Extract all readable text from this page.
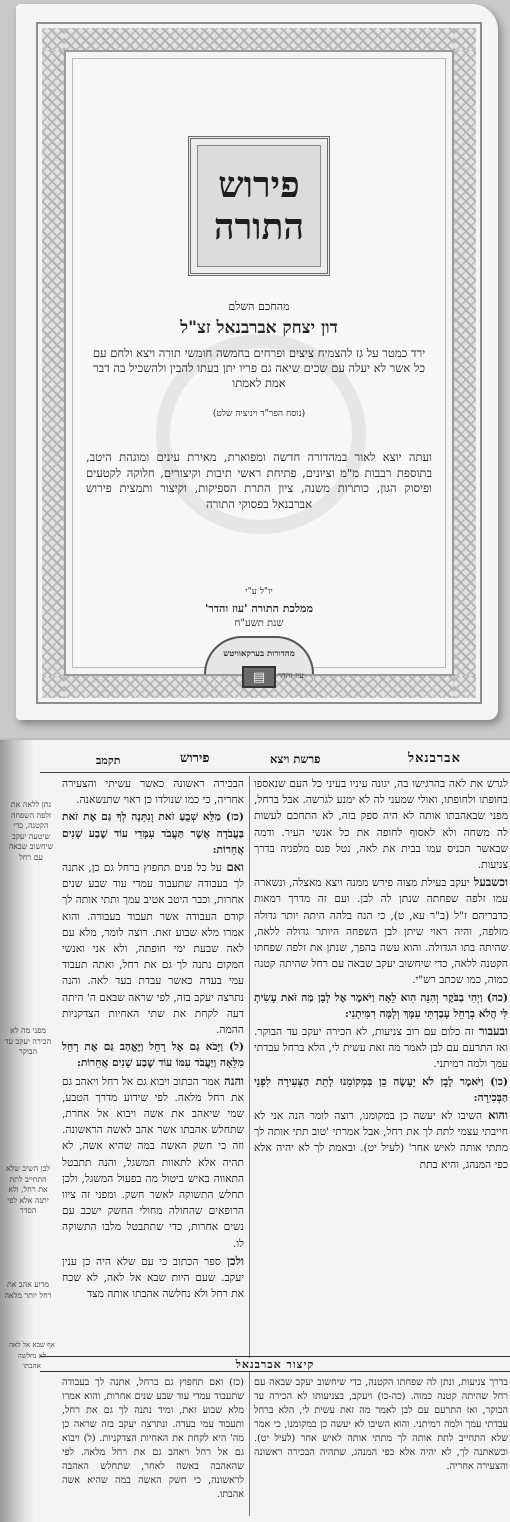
פירוש
התורה
מהחכם השלם
דון יצחק אברבנאל זצ"ל
ירד כמטר על גז להצמיח ציצים ופרחים בחמשה חומשי תורה ויצא ולחם עם כל אשר לא יעלה עם שכים שיאה גם פריו יתן בעתו להבין ולהשכיל בה דבר אמת לאמתו
(נוסח הפר"ד ויניציה שלט)
ועתה יוצא לאור במהדורה חדשה ומפוארת, מאירת עינים ומוגהת היטב, בתוספת רבבות מ"מ וציונים, פתיחת ראשי תיבות וקיצורים, חלוקה לקטעים ופיסוק הגון, כותרות משנה, ציון התרת הספיקות, וקיצור ותמצית פירוש אברבנאל בפסוקי התורה
יו"ל ע"י
ממלכת התורה 'עוז והדר'
שנת תשע"ח
מהדורות בערקאוויטש
▤ עוז והדר
תקמב	פירוש	פרשת ויצא	אברבנאל

לגרש את לאה בהרגישו בה, יגונה עיניו בעיני כל העם שנאספו בחופתו ולחופתו, ואולי שמעני לה לא ימנע לגרשה. אבל ברחל, מפני שבאהבתו אותה לא היה ספק בזה, לא התחכם לעשות לה משחה ולא לאסוף לחופה את כל אנשי העיר. ודמה שבאשר הכניס עמו בבית את לאה, נטל פנס מלפניה בדרך צניעות.

וכשבעל יעקב בעילת מצוה פירש ממנה ויצא מאצלה, ונשארה עמו זלפה שפחתה שנתן לה לבן. ועם זה מדרך רמאות כדבריהם ז"ל (ב"ר עא, ט), כי הנה בלהה היתה יותר גדולה מזלפה, והיה ראוי שיתן לבן השפחה היותר גדולה ללאה, שהיתה בתו הגדולה. והוא עשה בהפך, שנתן את זלפה שפחתו הקטנה ללאה, כדי שיחשוב יעקב שבאה עם רחל שהיתה קטנה כמוה, כמו שכתב רש"י.

(כה) וַיְהִי בַבֹּקֶר וְהִנֵּה הִוא לֵאָה וַיֹּאמֶר אֶל לָבָן מַה זֹּאת עָשִׂיתָ לִּי הֲלֹא בְרָחֵל עָבַדְתִּי עִמָּךְ וְלָמָּה רִמִּיתָנִי:

ובעבור זה כלום עם רוב צניעות, לא הכירה יעקב עד הבוקר. ואז התרעם עם לבן לאמר מה זאת עשית לי, הלא ברחל עבדתי עמך ולמה רמיתני.

(כו) וַיֹּאמֶר לָבָן לֹא יֵעָשֶׂה כֵן בִּמְקוֹמֵנוּ לָתֵת הַצְּעִירָה לִפְנֵי הַבְּכִירָה:

והוא השיבו לא יעשה כן במקומנו, רוצה לומר הנה אני לא חייבתי עצמי לתת לך את רחל, אבל אמרתי 'טוב תתי אותה לך מתתי אותה לאיש אחר' (לעיל יט). ובאמת לך לא יהיה אלא כפי המנהג, והיא בתת

הבכירה ראשונה כאשר עשיתי והצעירה אחריה, כי כמו שנולדו כן ראוי שתנשאנה.

(כז) מַלֵּא שְׁבֻעַ זֹאת וְנִתְּנָה לְךָ גַּם אֶת זֹאת בַּעֲבֹדָה אֲשֶׁר תַּעֲבֹד עִמָּדִי עוֹד שֶׁבַע שָׁנִים אֲחֵרוֹת:

ואם על כל פנים תחפוץ ברחל גם כן, אתנה לך בעבודה שתעבוד עמדי עוד שבע שנים אחרות, וכבר היטב אטיב עמך ותתי אותה לך קודם העבודה אשר תעבוד בעבורה. והוא אמרו מלא שבוע זאת. רוצה לומר, מלא עם לאה שבעת ימי חופתה, ולא אני ואנשי המקום נתנה לך גם את רחל, ואתה תעבוד עמי בעדה כאשר עבדת בעד לאה. והנה נתרצה יעקב בזה, לפי שראה שבאם ה' היתה דעה לקחת את שתי האחיות הצדקניות ההמה.

(ל) וַיָּבֹא גַּם אֶל רָחֵל וַיֶּאֱהַב גַּם אֶת רָחֵל מִלֵּאָה וַיַּעֲבֹד עִמּוֹ עוֹד שֶׁבַע שָׁנִים אֲחֵרוֹת:

והנה אמר הכתוב ויבוא גם אל רחל ויאהב גם את רחל מלאה. לפי שידוע מדרך הטבע, שמי שיאהב את אשה ויבוא אל אחרת, שתחלש אהבתו אשר אהב לאשה הראשונה. וזה כי חשק האשה במה שהיא אשה, לא תהיה אלא לתאוות המשגל, והנה תתבטל התאווה באיש ביטול מה בפעול המשגל, ולכן תחלש התשוקה לאשר חשק. ומפני זה ציוו הרופאים שהחולה מחולי החשק ישכב עם נשים אחרות, כדי שתתבטל מלבו התשוקה לו.

ולכן ספר הכתוב כי עם שלא היה כן ענין יעקב. שעם היות שבא אל לאה, לא שכח את רחל ולא נחלשה אהבתו אותה מצד

נתן ללאה את זלפה השפחה הקטנה, כדי שיטעה יעקב שיחשוב שבאה עם רחל
מפני מה לא הכירה יעקב עד הבוקר
לבן השיב שלא התחייב לתת את רחל, ולא יתנה אלא לפי הסדר
מדוע אהב את רחל יותר מלאה
אף שבא אל לאה לא נחלשה אהבתו	קיצור אברבנאל
בדרך צניעות, ונתן לה שפחתו הקטנה, כדי שיחשוב יעקב שבאה עם רחל שהיתה קטנה כמוה. (כה-כו) ויעקב, בצניעותו לא הכירה עד הבוקר, ואז התרעם עם לבן לאמר מה זאת עשית לי, הלא ברחל עבדתי עמך ולמה רמיתני. והוא השיבו לא יעשה כן במקומנו, כי אמר שלא התחייב לתת אותה לך מתתי אותה לאיש אחר (לעיל יט). וכשאתנה לך, לא יהיה אלא כפי המנהג, שתהיה הבכירה ראשונה והצעירה אחריה.
(כז) ואם תחפוץ גם ברחל, אתנה לך בעבודה שתעבוד עמדי עוד שבע שנים אחרות, והוא אמרו מלא שבוע זאת, ומיד נתנה לך גם את רחל, ותעבוד עמי בעדה. ונתרצה יעקב בזה שראה כן מה' היא לקחת את האחיות הצדקניות. (ל) ויבוא גם אל רחל ויאהב גם את רחל מלאה. לפי שהאהבה באשה לאחר, שתחלש האהבה לראשונה, כי חשק האשה במה שהיא אשה אהבתו.
